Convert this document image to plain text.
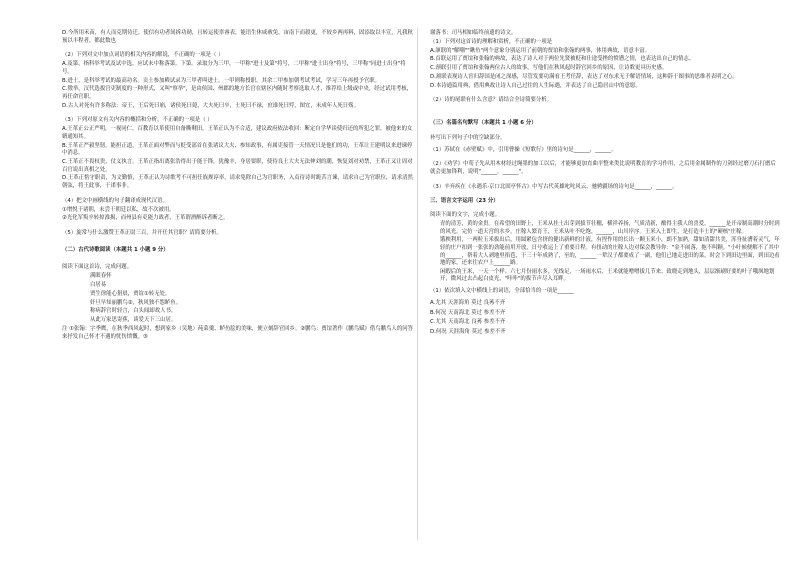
D.今所用禾苗，有人而克期待迁，使信有功者间拆功勋，且转运使辜睿表，能语生休咸赦免，宙南下而殺更，不较乡两再料，固添取以丰宣，凡我秋预以丰程者，都此数也

（2）下列对文中加点词语的相关内容的解说，不正确的一项是（ ）

A.及第，指科举考试及试中选。应试未中称落第。下第。录取分为三甲，一甲称"进士及第"将号，二甲称"进士出身"将号，三甲称"同进士出身"将号。

B.进士，是科举考试的最高功名。贡士参加殿试录为三甲者叫进士。一甲则称授职，其余二甲参加朝考试考试，学习三年再授予官职。

C.徵举，汉代选拔官吏制度的一种形式，又叫"察举"，是由侯国、州郡的地方长官在辖区内随时考察选取人才，推荐给上级或中央，经过试用考核，再任命官职。

D.古人对死有许多称法：帝王，王后死曰崩，诸侯死曰薨，大夫死曰卒，士死曰不禄，庶谁死曰殍，图宜，未成年人死日殇。

（3）下列对原文有关内容的概括和分析，不正确的一项是（ ）

A.王革正公正严明，一视同仁。百教育以革使用自备撕剩田，王革正认为不合适，建议政府依法收回：断定自学华谈使归还的所犯之罪，被他来的女婿通知其。

B.王革正严毅坚韧，能担正道，王革正面对弊而与贬受部首在张诸议大夫、参知政事，有属吏接管一天情况只是他们的功，王革让王建明议来进谏停中消息。

C.王革正不畏权贵，仗义执言。王革正指出离张浩得出于能于锋，犹豫辛，身居要职，使侍良士大夫无法伸刘的潮，恢复刘对劝禁，王革正又让周对百官说出真相之处。

D.王革正恪守职责，为文勤慎，王革正认为诗歌考不可担任族规谆率，请求免除自己为官职务，入贞待诗时跪苦言谏，请求自己为官职位，请求清然朝弦，将王此事，于诺事非。

（4）把文中画横线的句子翻译成现代汉语。

①增悦于诸朝，未尝干朝廷以私，故不次被用。

②光化军叛卒转掠淮揭，而州县有吏能力战者，王革谓酒醉诉者断之。

（5）旋常与什么激赞王革正尉三百，并开任其官职？请简要分析。

（二）古代诗歌阅读（本题共 1 小题 9 分）

阅读下面这首诗，完成问题。

满眼春怀

白居易

贾生徐能心猖晨，贾谊①转无处。

奸旦早知丽鹏鸟②，秋风独不怨鲈鱼。

称病辞官时轻言，白头闻却故人书。

从此万家思寄蕉，谈爱天下三山居。

注 ①张翰：字季鹰，在秋季西风起时，想到家乡（吴地）莼菜羹、鲈鱼脍的美味，便立刻辞官回乡。②鹏鸟：贾谊著作《鹏鸟赋》借鸟鹏鸟人的问答来抒发自己怀才不遇的忧伤愤慨。③

谢落书：司马相如临终前遗的诗文。

（1）下列对这首诗的理解和赏析，不正确的一项是

A.颔联的"解嘲""瞅鱼"两个意象分别运用了前朝的贾谊和张翰的两事，体用典故，语意丰富。

B.首联运用了贾谊和张翰的典故，表达了诗人对于两位先贤被贬和仕途受挫的愤懑之情，也表达出自己的情志。

C.颈联引用了贾谊和张翰两位古人的故事，写他们在秋风起时辞官回乡的原因，让诗歌更具历史感。

D.颔联表现诗人宦归辞国是闭之深感，尽管发要功满看王考任辞，表达了对东求无于解语情场，这种辞于图事的思维者表明之心。

D.本诗通篇用典，借用典故让诗人自己过往的人生际遇，并表达了自己隐居山中的意愿。

（2）诗的尾联有什么含意？请结合全诗简要分析。

（三）名篇名句默写（本题共 1 小题 6 分）

补写出下列句子中的空缺部分。

（1）苏轼在《赤壁赋》中，引用曹操《短歌行》里的诗句是______，______。

（2）《劝学》中荀子先从用木材经过绳墨的加工以后，才能够更加直曲平整来类比说明教育的学习作用，之后用金属制作的刀剑经过磨刀石打磨后就会更加锋利，说明"______，______"。

（3）辛弃疾在《永遇乐·京口北固亭怀古》中写古代英雄叱咤风云、驰骋疆场的诗句是______，______。

三、语言文字运用（23 分）

阅读下面的文字，完成小题。

青的清芳，黄的金贵。在希望的田野上，王米从挂土出芽到拔节壮穗，横祥养扬，气质清新，酿得主我人的喜爱。______是开帝制高潮时分时到的风光，完仿一道天宫的水乡。庄稼人繁育王，王米从叶不吃饱，______，山川岸序。王米入土即生，是打造丰土的"硬核"庄稼。

饿秧利用，一两粒玉米拔出后，用圆紧包含挤的健出新鲜的汁液，有捏作用的长出一颗玉米小，朗不加熟，甜如清甜共美，浑身扯漕着灵气，年轻的庄户扣到一张张的劲能前用开放，日兮收运上了重要日程。有扭动的庄稼人边对保会教导你："金不闹落，拖不叫颗。"小叶候便解不了其中的______，帮着大人剥地里掐苞，于三十年成熟了，至的，______一辈汉子都要成了一副，他们已地走进田的菜，时会下到田边里面，到田边看地的家，还来往农户上______路。

闲暇后的王米，一天一个样。六七月份雨水多，光线足，一场雨水后，王米就能噌噌拔几节来。致晓走到地头，层层渐刷好要的叶子哦飒地划开，微风过去凸起白皮光，"咔咔"的拔节声尽入耳畔。

（1）依次填入文中横线上的词语，全部恰当的一项是______

A.尤其 天涯海角 莫过 良莠不齐

B.何况 天南海北 莫过 参差不齐

C.尤其 天南海北 良莠 参差不齐

D.何况 天涯海角 莫过 参差不齐
